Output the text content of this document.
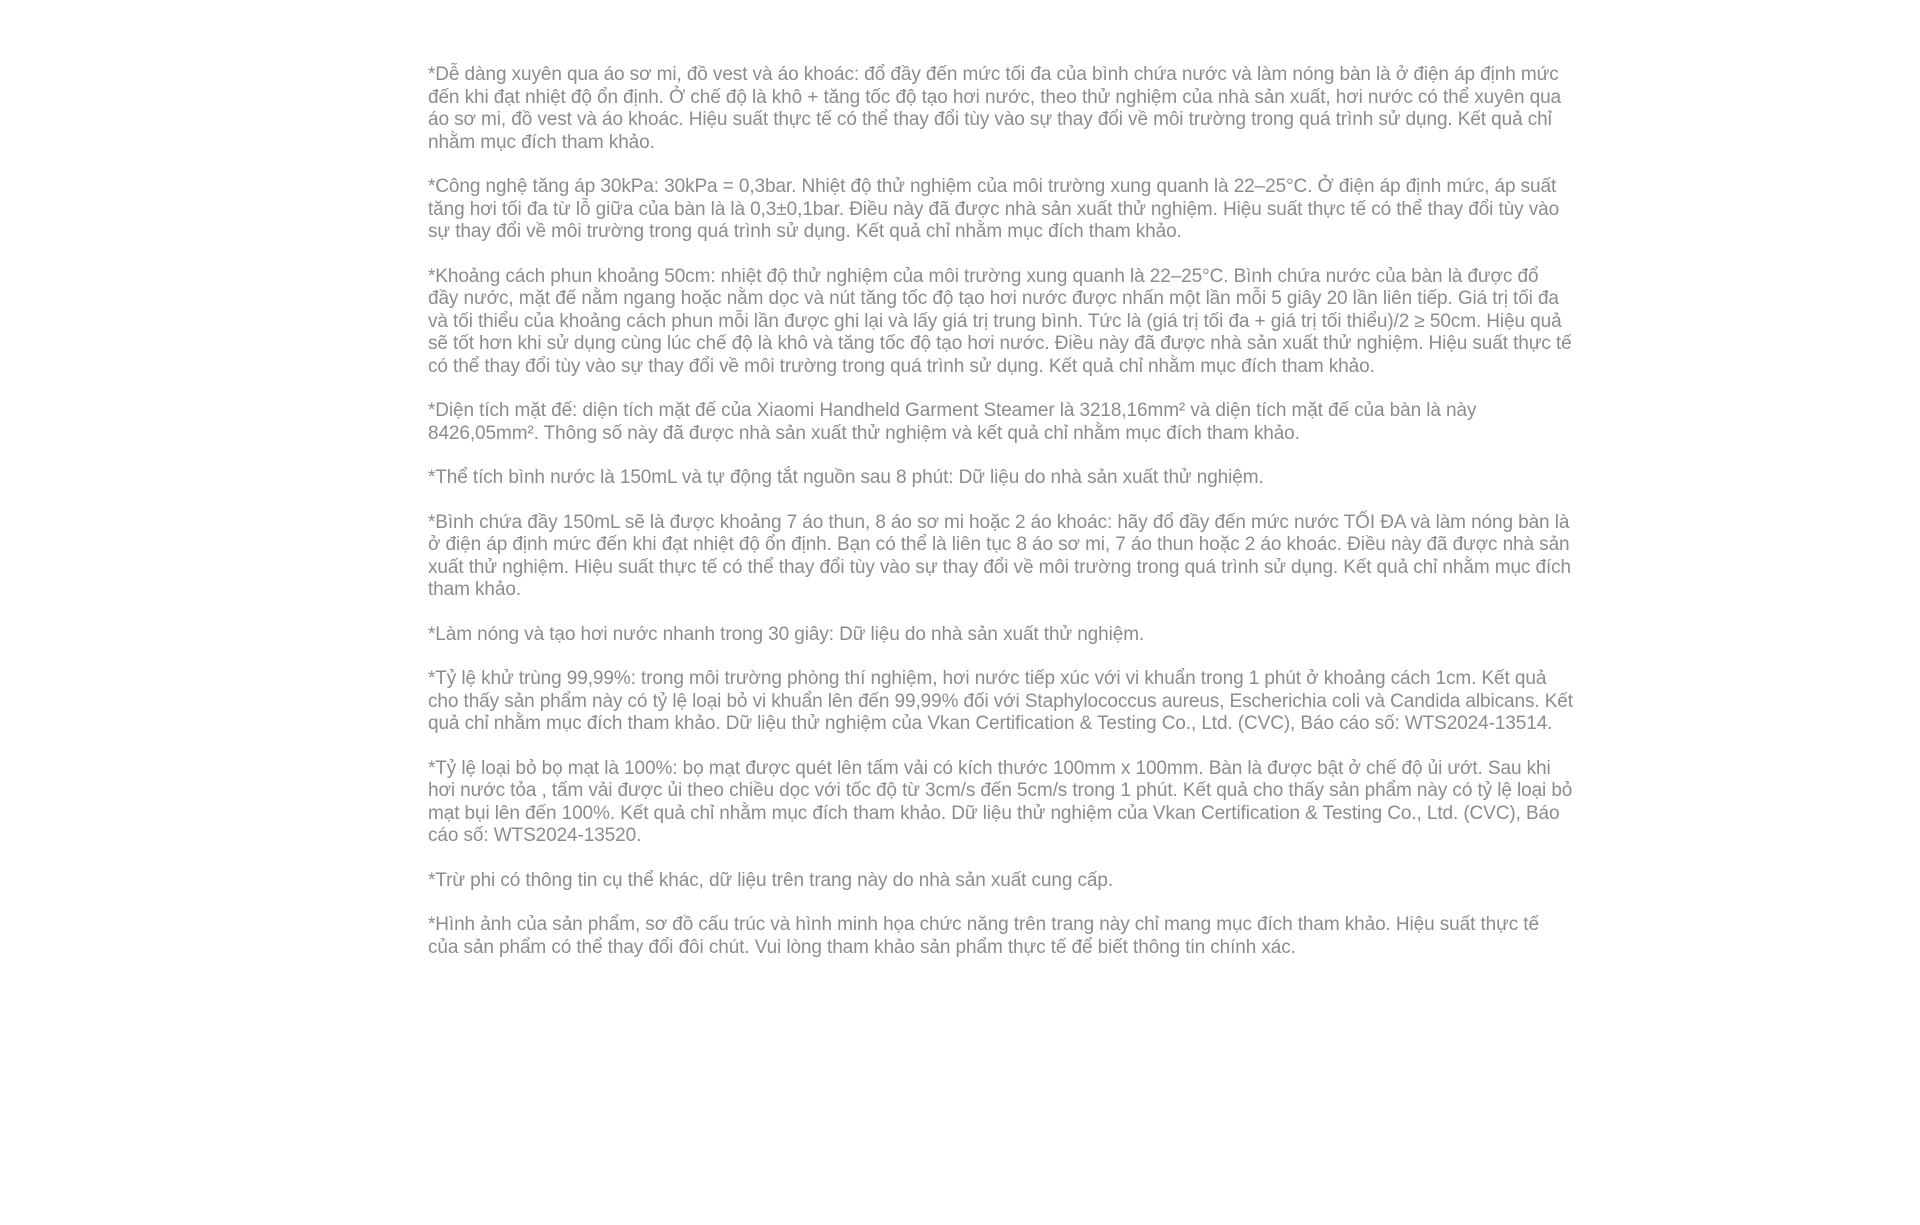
*Dễ dàng xuyên qua áo sơ mi, đồ vest và áo khoác: đổ đầy đến mức tối đa của bình chứa nước và làm nóng bàn là ở điện áp định mức đến khi đạt nhiệt độ ổn định. Ở chế độ là khô + tăng tốc độ tạo hơi nước, theo thử nghiệm của nhà sản xuất, hơi nước có thể xuyên qua áo sơ mi, đồ vest và áo khoác. Hiệu suất thực tế có thể thay đổi tùy vào sự thay đổi về môi trường trong quá trình sử dụng. Kết quả chỉ nhằm mục đích tham khảo.

*Công nghệ tăng áp 30kPa: 30kPa = 0,3bar. Nhiệt độ thử nghiệm của môi trường xung quanh là 22–25°C. Ở điện áp định mức, áp suất tăng hơi tối đa từ lỗ giữa của bàn là là 0,3±0,1bar. Điều này đã được nhà sản xuất thử nghiệm. Hiệu suất thực tế có thể thay đổi tùy vào sự thay đổi về môi trường trong quá trình sử dụng. Kết quả chỉ nhằm mục đích tham khảo.

*Khoảng cách phun khoảng 50cm: nhiệt độ thử nghiệm của môi trường xung quanh là 22–25°C. Bình chứa nước của bàn là được đổ đầy nước, mặt đế nằm ngang hoặc nằm dọc và nút tăng tốc độ tạo hơi nước được nhấn một lần mỗi 5 giây 20 lần liên tiếp. Giá trị tối đa và tối thiểu của khoảng cách phun mỗi lần được ghi lại và lấy giá trị trung bình. Tức là (giá trị tối đa + giá trị tối thiểu)/2 ≥ 50cm. Hiệu quả sẽ tốt hơn khi sử dụng cùng lúc chế độ là khô và tăng tốc độ tạo hơi nước. Điều này đã được nhà sản xuất thử nghiệm. Hiệu suất thực tế có thể thay đổi tùy vào sự thay đổi về môi trường trong quá trình sử dụng. Kết quả chỉ nhằm mục đích tham khảo.

*Diện tích mặt đế: diện tích mặt đế của Xiaomi Handheld Garment Steamer là 3218,16mm² và diện tích mặt đế của bàn là này 8426,05mm². Thông số này đã được nhà sản xuất thử nghiệm và kết quả chỉ nhằm mục đích tham khảo.

*Thể tích bình nước là 150mL và tự động tắt nguồn sau 8 phút: Dữ liệu do nhà sản xuất thử nghiệm.

*Bình chứa đầy 150mL sẽ là được khoảng 7 áo thun, 8 áo sơ mi hoặc 2 áo khoác: hãy đổ đầy đến mức nước TỐI ĐA và làm nóng bàn là ở điện áp định mức đến khi đạt nhiệt độ ổn định. Bạn có thể là liên tục 8 áo sơ mi, 7 áo thun hoặc 2 áo khoác. Điều này đã được nhà sản xuất thử nghiệm. Hiệu suất thực tế có thể thay đổi tùy vào sự thay đổi về môi trường trong quá trình sử dụng. Kết quả chỉ nhằm mục đích tham khảo.

*Làm nóng và tạo hơi nước nhanh trong 30 giây: Dữ liệu do nhà sản xuất thử nghiệm.

*Tỷ lệ khử trùng 99,99%: trong môi trường phòng thí nghiệm, hơi nước tiếp xúc với vi khuẩn trong 1 phút ở khoảng cách 1cm. Kết quả cho thấy sản phẩm này có tỷ lệ loại bỏ vi khuẩn lên đến 99,99% đối với Staphylococcus aureus, Escherichia coli và Candida albicans. Kết quả chỉ nhằm mục đích tham khảo. Dữ liệu thử nghiệm của Vkan Certification & Testing Co., Ltd. (CVC), Báo cáo số: WTS2024-13514.

*Tỷ lệ loại bỏ bọ mạt là 100%: bọ mạt được quét lên tấm vải có kích thước 100mm x 100mm. Bàn là được bật ở chế độ ủi ướt. Sau khi hơi nước tỏa , tấm vải được ủi theo chiều dọc với tốc độ từ 3cm/s đến 5cm/s trong 1 phút. Kết quả cho thấy sản phẩm này có tỷ lệ loại bỏ mạt bụi lên đến 100%. Kết quả chỉ nhằm mục đích tham khảo. Dữ liệu thử nghiệm của Vkan Certification & Testing Co., Ltd. (CVC), Báo cáo số: WTS2024-13520.

*Trừ phi có thông tin cụ thể khác, dữ liệu trên trang này do nhà sản xuất cung cấp.

*Hình ảnh của sản phẩm, sơ đồ cấu trúc và hình minh họa chức năng trên trang này chỉ mang mục đích tham khảo. Hiệu suất thực tế của sản phẩm có thể thay đổi đôi chút. Vui lòng tham khảo sản phẩm thực tế để biết thông tin chính xác.
